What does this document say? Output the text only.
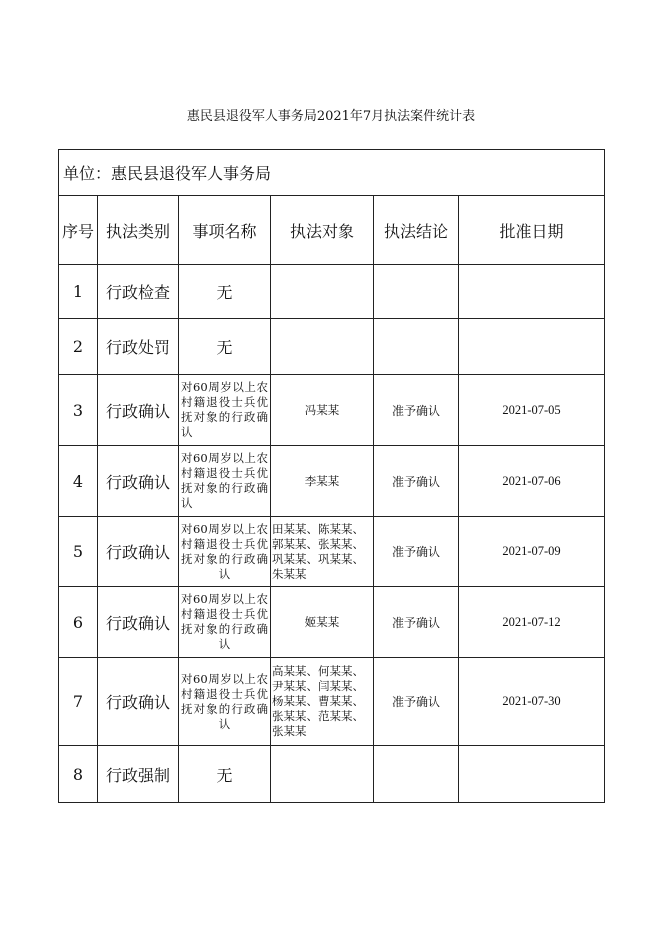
惠民县退役军人事务局2021年7月执法案件统计表
单位：惠民县退役军人事务局					
序号	执法类别	事项名称	执法对象	执法结论	批准日期
1	行政检查	无			
2	行政处罚	无			
3	行政确认	对60周岁以上农村籍退役士兵优抚对象的行政确认	冯某某	准予确认	2021-07-05
4	行政确认	对60周岁以上农村籍退役士兵优抚对象的行政确认	李某某	准予确认	2021-07-06
5	行政确认	对60周岁以上农村籍退役士兵优抚对象的行政确认	田某某、陈某某、郭某某、张某某、巩某某、巩某某、朱某某	准予确认	2021-07-09
6	行政确认	对60周岁以上农村籍退役士兵优抚对象的行政确认	姬某某	准予确认	2021-07-12
7	行政确认	对60周岁以上农村籍退役士兵优抚对象的行政确认	高某某、何某某、尹某某、闫某某、杨某某、曹某某、张某某、范某某、张某某	准予确认	2021-07-30
8	行政强制	无			
